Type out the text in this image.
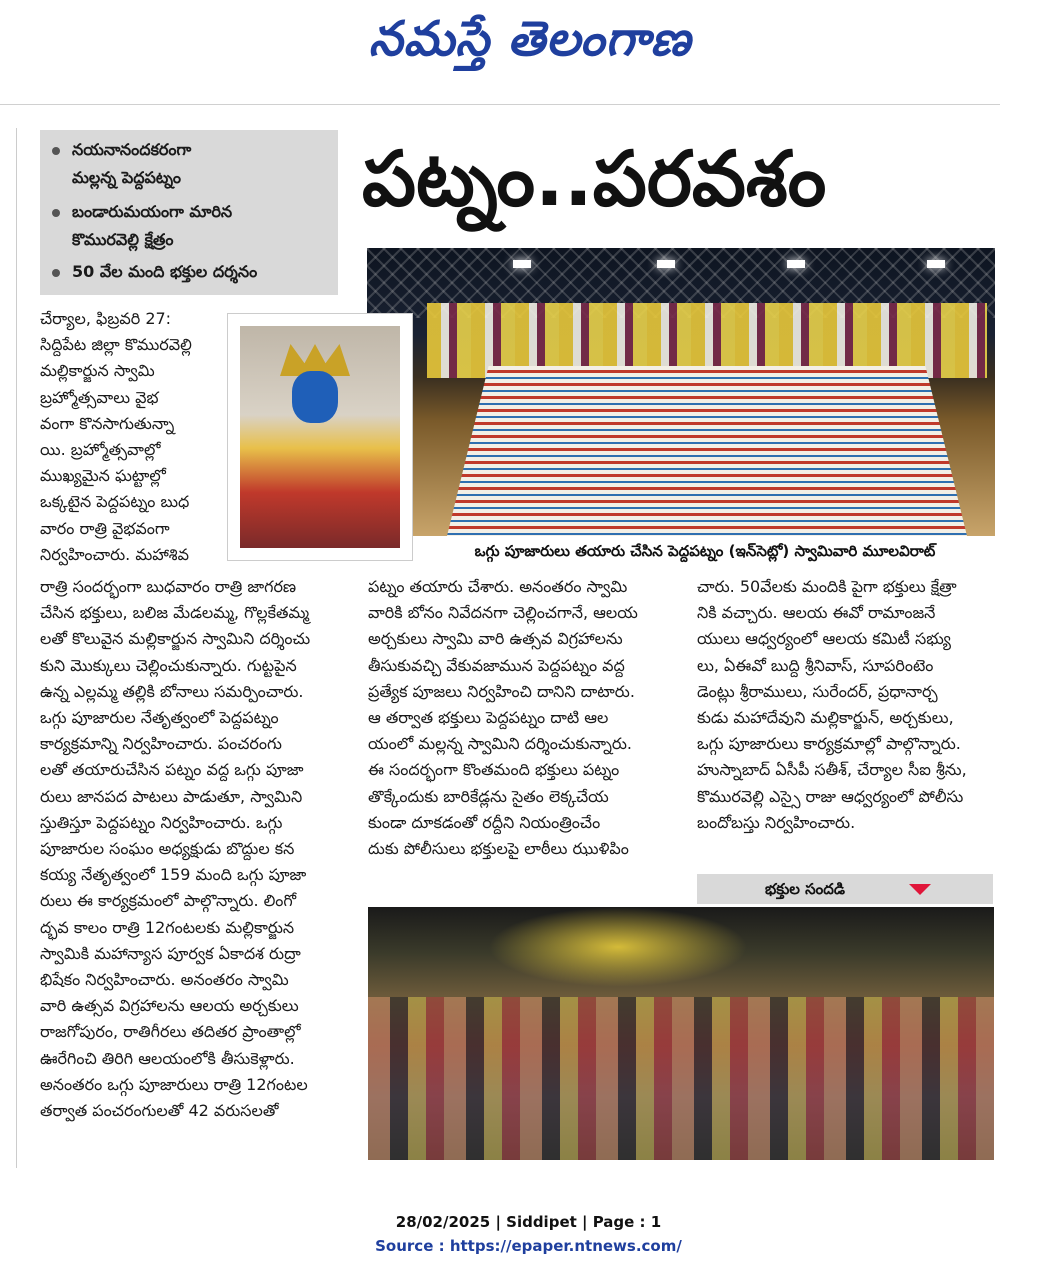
నమస్తే తెలంగాణ
నయనానందకరంగా
మల్లన్న పెద్దపట్నం
బండారుమయంగా మారిన
కొమురవెల్లి క్షేత్రం
50 వేల మంది భక్తుల దర్శనం
పట్నం..పరవశం
ఒగ్గు పూజారులు తయారు చేసిన పెద్దపట్నం (ఇన్‌సెట్లో) స్వామివారి మూలవిరాట్
చేర్యాల, ఫిబ్రవరి 27:
సిద్దిపేట జిల్లా కొమురవెల్లి
మల్లికార్జున స్వామి
బ్రహ్మోత్సవాలు వైభ
వంగా కొనసాగుతున్నా
యి. బ్రహ్మోత్సవాల్లో
ముఖ్యమైన ఘట్టాల్లో
ఒక్కటైన పెద్దపట్నం బుధ
వారం రాత్రి వైభవంగా
నిర్వహించారు. మహాశివ
రాత్రి సందర్భంగా బుధవారం రాత్రి జాగరణ
చేసిన భక్తులు, బలిజ మేడలమ్మ, గొల్లకేతమ్మ
లతో కొలువైన మల్లికార్జున స్వామిని దర్శించు
కుని మొక్కులు చెల్లించుకున్నారు. గుట్టపైన
ఉన్న ఎల్లమ్మ తల్లికి బోనాలు సమర్పించారు.
ఒగ్గు పూజారుల నేతృత్వంలో పెద్దపట్నం
కార్యక్రమాన్ని నిర్వహించారు. పంచరంగు
లతో తయారుచేసిన పట్నం వద్ద ఒగ్గు పూజా
రులు జానపద పాటలు పాడుతూ, స్వామిని
స్తుతిస్తూ పెద్దపట్నం నిర్వహించారు. ఒగ్గు
పూజారుల సంఘం అధ్యక్షుడు బొద్దుల కన
కయ్య నేతృత్వంలో 159 మంది ఒగ్గు పూజా
రులు ఈ కార్యక్రమంలో పాల్గొన్నారు. లింగో
ద్భవ కాలం రాత్రి 12గంటలకు మల్లికార్జున
స్వామికి మహాన్యాస పూర్వక ఏకాదశ రుద్రా
భిషేకం నిర్వహించారు. అనంతరం స్వామి
వారి ఉత్సవ విగ్రహాలను ఆలయ అర్చకులు
రాజగోపురం, రాతిగీరలు తదితర ప్రాంతాల్లో
ఊరేగించి తిరిగి ఆలయంలోకి తీసుకెళ్లారు.
అనంతరం ఒగ్గు పూజారులు రాత్రి 12గంటల
తర్వాత పంచరంగులతో 42 వరుసలతో
పట్నం తయారు చేశారు. అనంతరం స్వామి
వారికి బోనం నివేదనగా చెల్లించగానే, ఆలయ
అర్చకులు స్వామి వారి ఉత్సవ విగ్రహాలను
తీసుకువచ్చి వేకువజామున పెద్దపట్నం వద్ద
ప్రత్యేక పూజలు నిర్వహించి దానిని దాటారు.
ఆ తర్వాత భక్తులు పెద్దపట్నం దాటి ఆల
యంలో మల్లన్న స్వామిని దర్శించుకున్నారు.
ఈ సందర్భంగా కొంతమంది భక్తులు పట్నం
తొక్కేందుకు బారికేడ్లను సైతం లెక్కచేయ
కుండా దూకడంతో రద్దీని నియంత్రించేం
దుకు పోలీసులు భక్తులపై లాఠీలు ఝుళిపిం
చారు. 50వేలకు మందికి పైగా భక్తులు క్షేత్రా
నికి వచ్చారు. ఆలయ ఈవో రామాంజనే
యులు ఆధ్వర్యంలో ఆలయ కమిటీ సభ్యు
లు, ఏఈవో బుద్ది శ్రీనివాస్, సూపరింటెం
డెంట్లు శ్రీరాములు, సురేందర్, ప్రధానార్చ
కుడు మహాదేవుని మల్లికార్జున్, అర్చకులు,
ఒగ్గు పూజారులు కార్యక్రమాల్లో పాల్గొన్నారు.
హుస్నాబాద్ ఏసీపీ సతీశ్, చేర్యాల సీఐ శ్రీను,
కొమురవెల్లి ఎస్సై రాజు ఆధ్వర్యంలో పోలీసు
బందోబస్తు నిర్వహించారు.
భక్తుల సందడి
28/02/2025 | Siddipet | Page : 1
Source : https://epaper.ntnews.com/
